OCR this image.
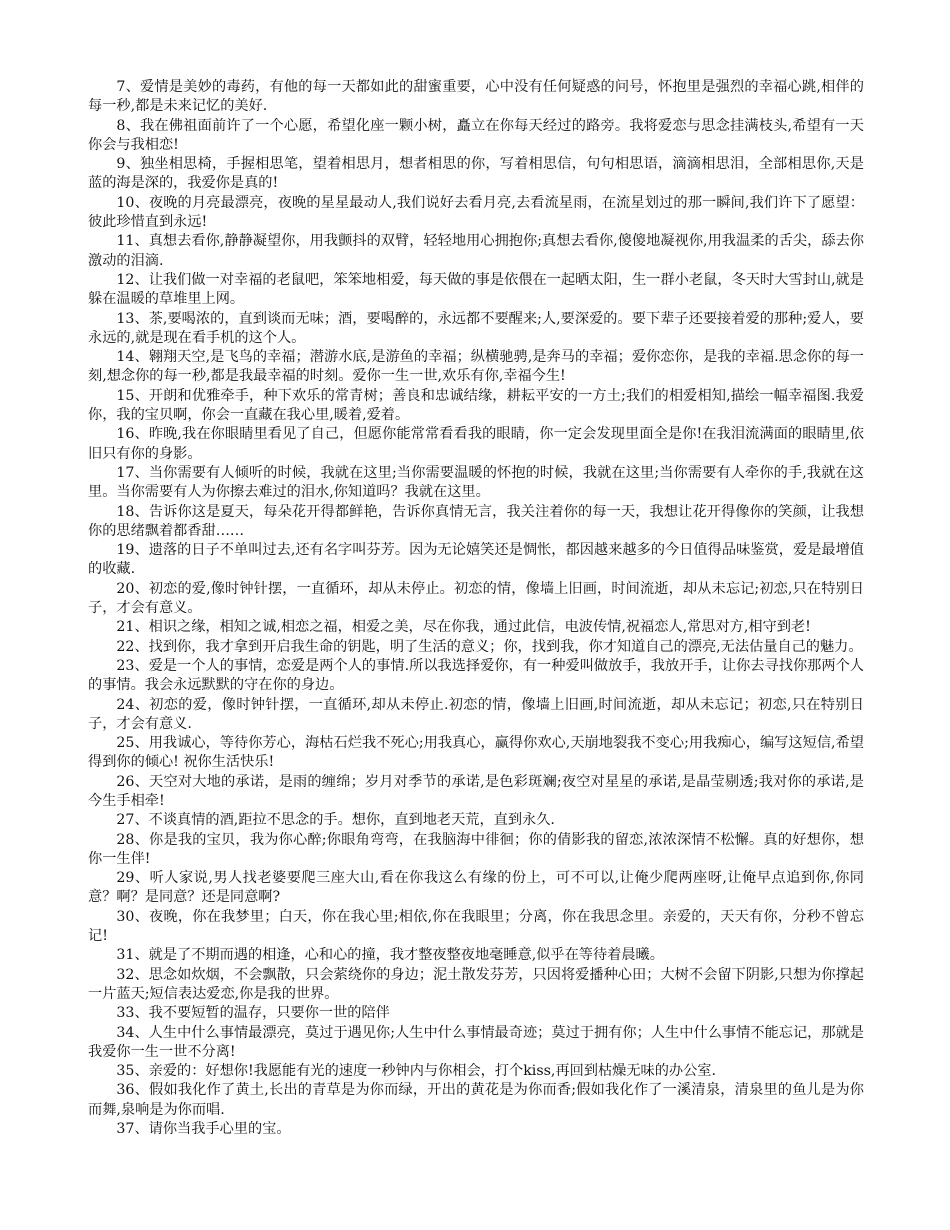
7、爱情是美妙的毒药，有他的每一天都如此的甜蜜重要，心中没有任何疑惑的问号，怀抱里是强烈的幸福心跳,相伴的每一秒,都是未来记忆的美好.

8、我在佛祖面前许了一个心愿，希望化座一颗小树，矗立在你每天经过的路旁。我将爱恋与思念挂满枝头,希望有一天你会与我相恋!

9、独坐相思椅，手握相思笔，望着相思月，想者相思的你，写着相思信，句句相思语，滴滴相思泪，全部相思你,天是蓝的海是深的，我爱你是真的!

10、夜晚的月亮最漂亮，夜晚的星星最动人,我们说好去看月亮,去看流星雨，在流星划过的那一瞬间,我们许下了愿望：彼此珍惜直到永远!

11、真想去看你,静静凝望你，用我颤抖的双臂，轻轻地用心拥抱你;真想去看你,傻傻地凝视你,用我温柔的舌尖，舔去你激动的泪滴.

12、让我们做一对幸福的老鼠吧，笨笨地相爱，每天做的事是依偎在一起晒太阳，生一群小老鼠，冬天时大雪封山,就是躲在温暖的草堆里上网。

13、茶,要喝浓的，直到谈而无味；酒，要喝醉的，永远都不要醒来;人,要深爱的。要下辈子还要接着爱的那种;爱人，要永远的,就是现在看手机的这个人。

14、翱翔天空,是飞鸟的幸福；潜游水底,是游鱼的幸福；纵横驰骋,是奔马的幸福；爱你恋你，是我的幸福.思念你的每一刻,想念你的每一秒,都是我最幸福的时刻。爱你一生一世,欢乐有你,幸福今生!

15、开朗和优雅牵手，种下欢乐的常青树；善良和忠诚结缘，耕耘平安的一方土;我们的相爱相知,描绘一幅幸福图.我爱你，我的宝贝啊，你会一直藏在我心里,暖着,爱着。

16、昨晚,我在你眼睛里看见了自己，但愿你能常常看看我的眼睛，你一定会发现里面全是你!在我泪流满面的眼睛里,依旧只有你的身影。

17、当你需要有人倾听的时候，我就在这里;当你需要温暖的怀抱的时候，我就在这里;当你需要有人牵你的手,我就在这里。当你需要有人为你擦去难过的泪水,你知道吗？我就在这里。

18、告诉你这是夏天，每朵花开得都鲜艳，告诉你真情无言，我关注着你的每一天，我想让花开得像你的笑颜，让我想你的思绪飘着都香甜……

19、遗落的日子不单叫过去,还有名字叫芬芳。因为无论嬉笑还是惆怅，都因越来越多的今日值得品味鉴赏，爱是最增值的收藏.

20、初恋的爱,像时钟针摆，一直循环，却从未停止。初恋的情，像墙上旧画，时间流逝，却从未忘记;初恋,只在特别日子，才会有意义。

21、相识之缘，相知之诚,相恋之福，相爱之美，尽在你我，通过此信，电波传情,祝福恋人,常思对方,相守到老!

22、找到你，我才拿到开启我生命的钥匙，明了生活的意义；你，找到我，你才知道自己的漂亮,无法估量自己的魅力。

23、爱是一个人的事情，恋爱是两个人的事情.所以我选择爱你，有一种爱叫做放手，我放开手，让你去寻找你那两个人的事情。我会永远默默的守在你的身边。

24、初恋的爱，像时钟针摆，一直循环,却从未停止.初恋的情，像墙上旧画,时间流逝，却从未忘记；初恋,只在特别日子，才会有意义.

25、用我诚心，等待你芳心，海枯石烂我不死心;用我真心，赢得你欢心,天崩地裂我不变心;用我痴心，编写这短信,希望得到你的倾心! 祝你生活快乐!

26、天空对大地的承诺，是雨的缠绵；岁月对季节的承诺,是色彩斑斓;夜空对星星的承诺,是晶莹剔透;我对你的承诺,是今生手相牵!

27、不谈真情的酒,距拉不思念的手。想你，直到地老天荒，直到永久.

28、你是我的宝贝，我为你心醉;你眼角弯弯，在我脑海中徘徊；你的倩影我的留恋,浓浓深情不松懈。真的好想你，想你一生伴!

29、听人家说,男人找老婆要爬三座大山,看在你我这么有缘的份上，可不可以,让俺少爬两座呀,让俺早点追到你,你同意？啊？是同意？还是同意啊?

30、夜晚，你在我梦里；白天，你在我心里;相依,你在我眼里；分离，你在我思念里。亲爱的，天天有你，分秒不曾忘记!

31、就是了不期而遇的相逢，心和心的撞，我才整夜整夜地毫睡意,似乎在等待着晨曦。

32、思念如炊烟，不会飘散，只会萦绕你的身边；泥土散发芬芳，只因将爱播种心田；大树不会留下阴影,只想为你撑起一片蓝天;短信表达爱恋,你是我的世界。

33、我不要短暂的温存，只要你一世的陪伴

34、人生中什么事情最漂亮，莫过于遇见你;人生中什么事情最奇迹；莫过于拥有你；人生中什么事情不能忘记，那就是我爱你一生一世不分离!

35、亲爱的：好想你!我愿能有光的速度一秒钟内与你相会，打个kiss,再回到枯燥无味的办公室.

36、假如我化作了黄土,长出的青草是为你而绿，开出的黄花是为你而香;假如我化作了一溪清泉，清泉里的鱼儿是为你而舞,泉响是为你而唱.

37、请你当我手心里的宝。
